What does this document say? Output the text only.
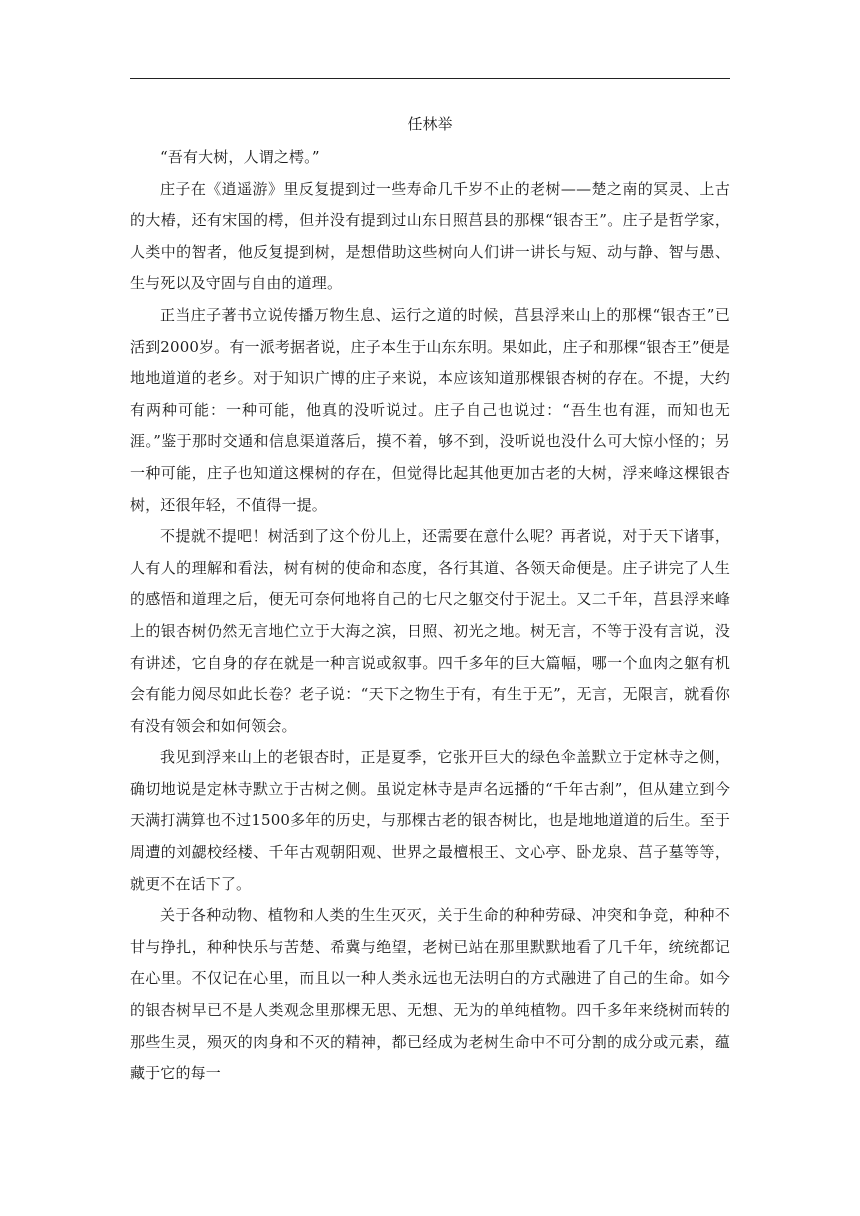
任林举

“吾有大树，人谓之樗。”

庄子在《逍遥游》里反复提到过一些寿命几千岁不止的老树——楚之南的冥灵、上古的大椿，还有宋国的樗，但并没有提到过山东日照莒县的那棵“银杏王”。庄子是哲学家，人类中的智者，他反复提到树，是想借助这些树向人们讲一讲长与短、动与静、智与愚、生与死以及守固与自由的道理。

正当庄子著书立说传播万物生息、运行之道的时候，莒县浮来山上的那棵“银杏王”已活到2000岁。有一派考据者说，庄子本生于山东东明。果如此，庄子和那棵“银杏王”便是地地道道的老乡。对于知识广博的庄子来说，本应该知道那棵银杏树的存在。不提，大约有两种可能：一种可能，他真的没听说过。庄子自己也说过：“吾生也有涯，而知也无涯。”鉴于那时交通和信息渠道落后，摸不着，够不到，没听说也没什么可大惊小怪的；另一种可能，庄子也知道这棵树的存在，但觉得比起其他更加古老的大树，浮来峰这棵银杏树，还很年轻，不值得一提。

不提就不提吧！树活到了这个份儿上，还需要在意什么呢？再者说，对于天下诸事，人有人的理解和看法，树有树的使命和态度，各行其道、各领天命便是。庄子讲完了人生的感悟和道理之后，便无可奈何地将自己的七尺之躯交付于泥土。又二千年，莒县浮来峰上的银杏树仍然无言地伫立于大海之滨，日照、初光之地。树无言，不等于没有言说，没有讲述，它自身的存在就是一种言说或叙事。四千多年的巨大篇幅，哪一个血肉之躯有机会有能力阅尽如此长卷？老子说：“天下之物生于有，有生于无”，无言，无限言，就看你有没有领会和如何领会。

我见到浮来山上的老银杏时，正是夏季，它张开巨大的绿色伞盖默立于定林寺之侧，确切地说是定林寺默立于古树之侧。虽说定林寺是声名远播的“千年古刹”，但从建立到今天满打满算也不过1500多年的历史，与那棵古老的银杏树比，也是地地道道的后生。至于周遭的刘勰校经楼、千年古观朝阳观、世界之最檀根王、文心亭、卧龙泉、莒子墓等等，就更不在话下了。

关于各种动物、植物和人类的生生灭灭，关于生命的种种劳碌、冲突和争竞，种种不甘与挣扎，种种快乐与苦楚、希冀与绝望，老树已站在那里默默地看了几千年，统统都记在心里。不仅记在心里，而且以一种人类永远也无法明白的方式融进了自己的生命。如今的银杏树早已不是人类观念里那棵无思、无想、无为的单纯植物。四千多年来绕树而转的那些生灵，殒灭的肉身和不灭的精神，都已经成为老树生命中不可分割的成分或元素，蕴藏于它的每一
